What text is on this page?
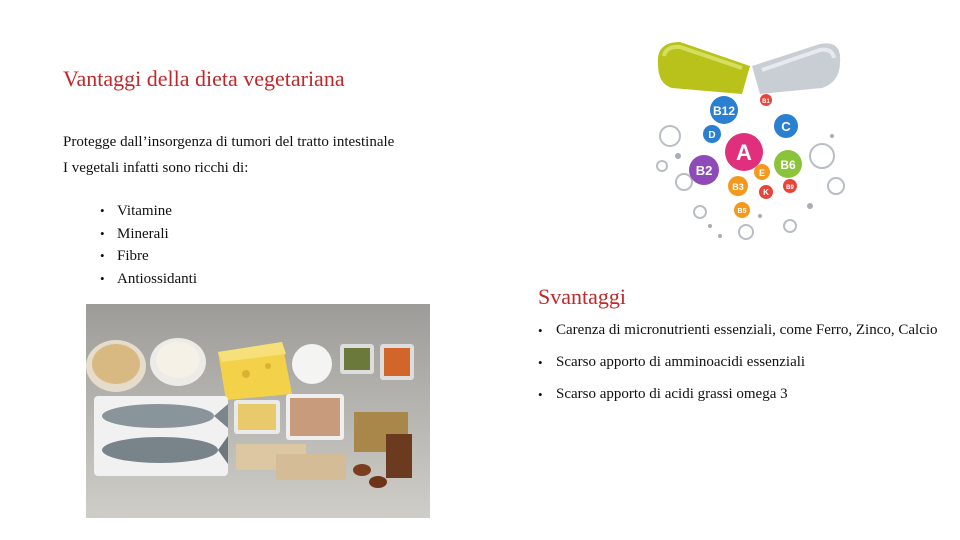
Vantaggi della dieta vegetariana
Protegge dall’insorgenza di tumori del tratto intestinale
I vegetali infatti sono ricchi di:
• Vitamine
• Minerali
• Fibre
• Antiossidanti
B12
C
A
B2	B6
D
E
B3
K
B5
B1
B9
Svantaggi
• Carenza di micronutrienti essenziali, come Ferro, Zinco, Calcio
• Scarso apporto di amminoacidi essenziali
• Scarso apporto di acidi grassi omega 3
